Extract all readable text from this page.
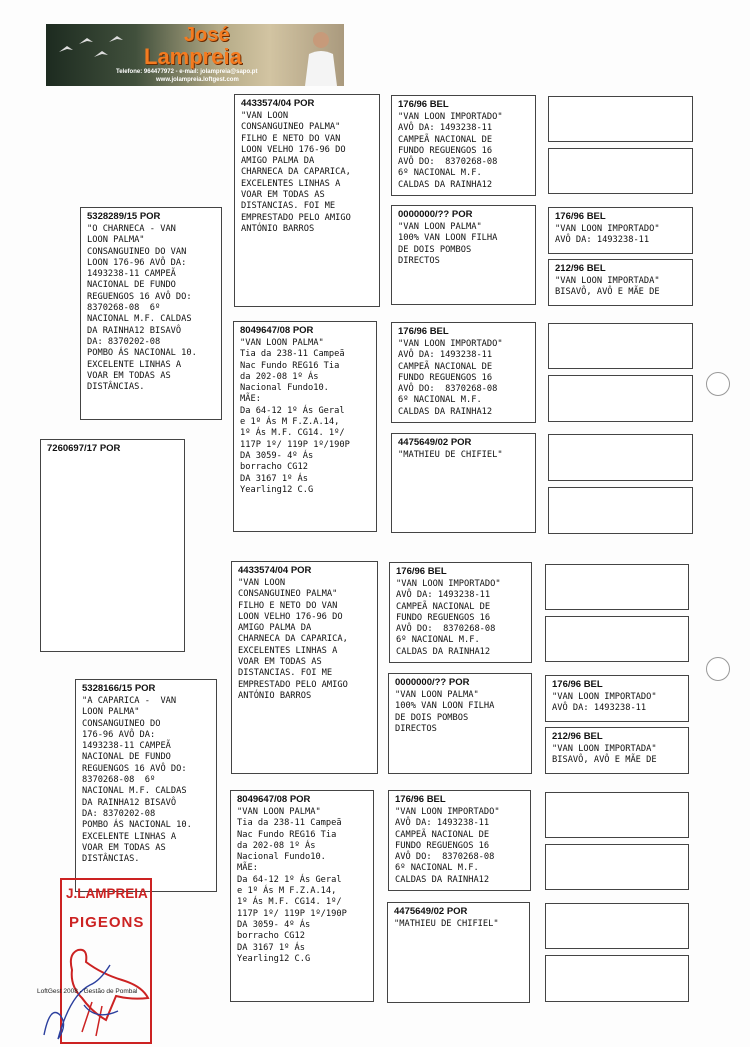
José
Lampreia
Telefone: 964477972 - e-mail: jolampreia@sapo.pt
www.jolampreia.loftgest.com
5328289/15 POR
"O CHARNECA - VAN
LOON PALMA"
CONSANGUINEO DO VAN
LOON 176-96 AVÔ DA:
1493238-11 CAMPEÃ
NACIONAL DE FUNDO
REGUENGOS 16 AVÔ DO:
8370268-08  6º
NACIONAL M.F. CALDAS
DA RAINHA12 BISAVÔ
DA: 8370202-08
POMBO ÁS NACIONAL 10.
EXCELENTE LINHAS A
VOAR EM TODAS AS
DISTÂNCIAS.
4433574/04 POR
"VAN LOON
CONSANGUINEO PALMA"
FILHO E NETO DO VAN
LOON VELHO 176-96 DO
AMIGO PALMA DA
CHARNECA DA CAPARICA,
EXCELENTES LINHAS A
VOAR EM TODAS AS
DISTANCIAS. FOI ME
EMPRESTADO PELO AMIGO
ANTÓNIO BARROS
8049647/08 POR
"VAN LOON PALMA"
Tia da 238-11 Campeã
Nac Fundo REG16 Tia
da 202-08 1º Ás
Nacional Fundo10.
MÃE:
Da 64-12 1º Ás Geral
e 1º Ás M F.Z.A.14,
1º Ás M.F. CG14. 1º/
117P 1º/ 119P 1º/190P
DA 3059- 4º Ás
borracho CG12
DA 3167 1º Ás
Yearling12 C.G
176/96 BEL
"VAN LOON IMPORTADO"
AVÔ DA: 1493238-11
CAMPEÃ NACIONAL DE
FUNDO REGUENGOS 16
AVÔ DO:  8370268-08
6º NACIONAL M.F.
CALDAS DA RAINHA12
0000000/?? POR
"VAN LOON PALMA"
100% VAN LOON FILHA
DE DOIS POMBOS
DIRECTOS
176/96 BEL
"VAN LOON IMPORTADO"
AVÔ DA: 1493238-11
CAMPEÃ NACIONAL DE
FUNDO REGUENGOS 16
AVÔ DO:  8370268-08
6º NACIONAL M.F.
CALDAS DA RAINHA12
4475649/02 POR
"MATHIEU DE CHIFIEL"
176/96 BEL
"VAN LOON IMPORTADO"
AVÔ DA: 1493238-11
212/96 BEL
"VAN LOON IMPORTADA"
BISAVÔ, AVÔ E MÃE DE
7260697/17 POR
5328166/15 POR
"A CAPARICA -  VAN
LOON PALMA"
CONSANGUINEO DO
176-96 AVÔ DA:
1493238-11 CAMPEÃ
NACIONAL DE FUNDO
REGUENGOS 16 AVÔ DO:
8370268-08  6º
NACIONAL M.F. CALDAS
DA RAINHA12 BISAVÔ
DA: 8370202-08
POMBO ÁS NACIONAL 10.
EXCELENTE LINHAS A
VOAR EM TODAS AS
DISTÂNCIAS.
4433574/04 POR
"VAN LOON
CONSANGUINEO PALMA"
FILHO E NETO DO VAN
LOON VELHO 176-96 DO
AMIGO PALMA DA
CHARNECA DA CAPARICA,
EXCELENTES LINHAS A
VOAR EM TODAS AS
DISTANCIAS. FOI ME
EMPRESTADO PELO AMIGO
ANTÓNIO BARROS
8049647/08 POR
"VAN LOON PALMA"
Tia da 238-11 Campeã
Nac Fundo REG16 Tia
da 202-08 1º Ás
Nacional Fundo10.
MÃE:
Da 64-12 1º Ás Geral
e 1º Ás M F.Z.A.14,
1º Ás M.F. CG14. 1º/
117P 1º/ 119P 1º/190P
DA 3059- 4º Ás
borracho CG12
DA 3167 1º Ás
Yearling12 C.G
176/96 BEL
"VAN LOON IMPORTADO"
AVÔ DA: 1493238-11
CAMPEÃ NACIONAL DE
FUNDO REGUENGOS 16
AVÔ DO:  8370268-08
6º NACIONAL M.F.
CALDAS DA RAINHA12
0000000/?? POR
"VAN LOON PALMA"
100% VAN LOON FILHA
DE DOIS POMBOS
DIRECTOS
176/96 BEL
"VAN LOON IMPORTADO"
AVÔ DA: 1493238-11
CAMPEÃ NACIONAL DE
FUNDO REGUENGOS 16
AVÔ DO:  8370268-08
6º NACIONAL M.F.
CALDAS DA RAINHA12
4475649/02 POR
"MATHIEU DE CHIFIEL"
176/96 BEL
"VAN LOON IMPORTADO"
AVÔ DA: 1493238-11
212/96 BEL
"VAN LOON IMPORTADA"
BISAVÔ, AVÔ E MÃE DE
J.LAMPREIA
PIGEONS
LoftGest 2008 - Gestão de Pombal
